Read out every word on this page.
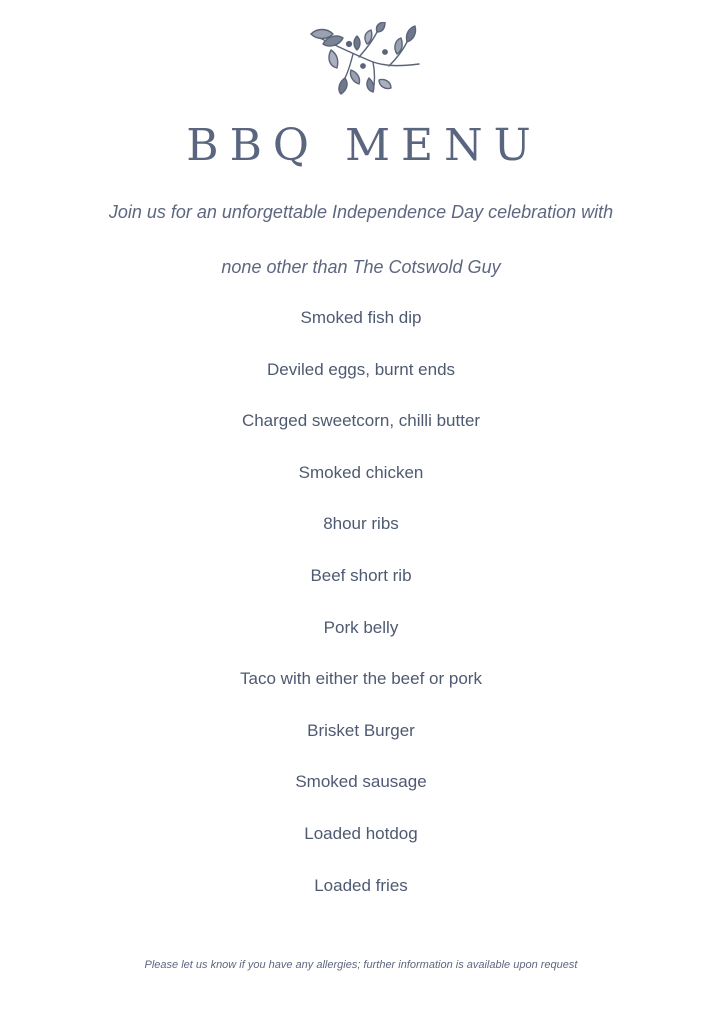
BBQ MENU

Join us for an unforgettable Independence Day celebration with

none other than The Cotswold Guy

Smoked fish dip
Deviled eggs, burnt ends
Charged sweetcorn, chilli butter
Smoked chicken
8hour ribs
Beef short rib
Pork belly
Taco with either the beef or pork
Brisket Burger
Smoked sausage
Loaded hotdog
Loaded fries

Please let us know if you have any allergies; further information is available upon request
